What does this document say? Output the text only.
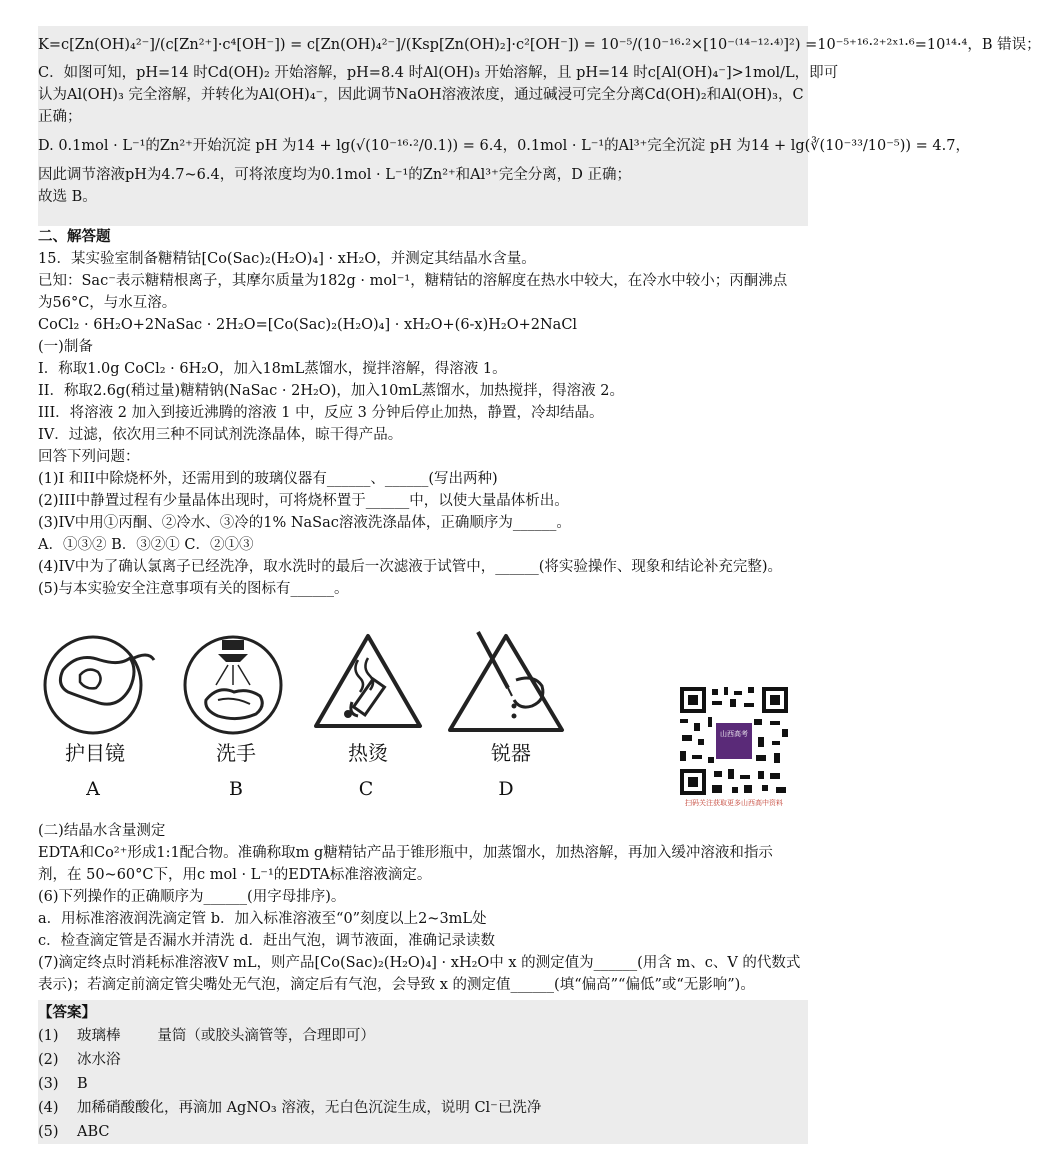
K=c[Zn(OH)₄²⁻]/(c[Zn²⁺]·c⁴[OH⁻]) = c[Zn(OH)₄²⁻]/(Ksp[Zn(OH)₂]·c²[OH⁻]) = 10⁻⁵/(10⁻¹⁶·²×[10⁻⁽¹⁴⁻¹²·⁴⁾]²) =10⁻⁵⁺¹⁶·²⁺²ˣ¹·⁶=10¹⁴·⁴，B 错误；
C．如图可知，pH=14 时Cd(OH)₂ 开始溶解，pH=8.4 时Al(OH)₃ 开始溶解，且 pH=14 时c[Al(OH)₄⁻]>1mol/L，即可
认为Al(OH)₃ 完全溶解，并转化为Al(OH)₄⁻，因此调节NaOH溶液浓度，通过碱浸可完全分离Cd(OH)₂和Al(OH)₃，C
正确；
D. 0.1mol · L⁻¹的Zn²⁺开始沉淀 pH 为14 + lg(√(10⁻¹⁶·²/0.1)) = 6.4，0.1mol · L⁻¹的Al³⁺完全沉淀 pH 为14 + lg(∛(10⁻³³/10⁻⁵)) = 4.7，
因此调节溶液pH为4.7~6.4，可将浓度均为0.1mol · L⁻¹的Zn²⁺和Al³⁺完全分离，D 正确；
故选 B。
二、解答题
15．某实验室制备糖精钴[Co(Sac)₂(H₂O)₄] · xH₂O，并测定其结晶水含量。
已知：Sac⁻表示糖精根离子，其摩尔质量为182g · mol⁻¹，糖精钴的溶解度在热水中较大，在冷水中较小；丙酮沸点
为56°C，与水互溶。
CoCl₂ · 6H₂O+2NaSac · 2H₂O=[Co(Sac)₂(H₂O)₄] · xH₂O+(6-x)H₂O+2NaCl
(一)制备
I．称取1.0g CoCl₂ · 6H₂O，加入18mL蒸馏水，搅拌溶解，得溶液 1。
II．称取2.6g(稍过量)糖精钠(NaSac · 2H₂O)，加入10mL蒸馏水，加热搅拌，得溶液 2。
III．将溶液 2 加入到接近沸腾的溶液 1 中，反应 3 分钟后停止加热，静置，冷却结晶。
IV．过滤，依次用三种不同试剂洗涤晶体，晾干得产品。
回答下列问题：
(1)I 和II中除烧杯外，还需用到的玻璃仪器有______、______(写出两种)
(2)III中静置过程有少量晶体出现时，可将烧杯置于______中，以使大量晶体析出。
(3)IV中用①丙酮、②冷水、③冷的1% NaSac溶液洗涤晶体，正确顺序为______。
A．①③② B．③②① C．②①③
(4)IV中为了确认氯离子已经洗净，取水洗时的最后一次滤液于试管中，______(将实验操作、现象和结论补充完整)。
(5)与本实验安全注意事项有关的图标有______。
护目镜	洗手	热烫	锐器
A	B	C	D
山西高考
扫码关注获取更多山西高中资料
(二)结晶水含量测定
EDTA和Co²⁺形成1:1配合物。准确称取m g糖精钴产品于锥形瓶中，加蒸馏水，加热溶解，再加入缓冲溶液和指示
剂，在 50~60°C下，用c mol · L⁻¹的EDTA标准溶液滴定。
(6)下列操作的正确顺序为______(用字母排序)。
a．用标准溶液润洗滴定管 b．加入标准溶液至“0”刻度以上2~3mL处
c．检查滴定管是否漏水并清洗 d．赶出气泡，调节液面，准确记录读数
(7)滴定终点时消耗标准溶液V mL，则产品[Co(Sac)₂(H₂O)₄] · xH₂O中 x 的测定值为______(用含 m、c、V 的代数式
表示)；若滴定前滴定管尖嘴处无气泡，滴定后有气泡，会导致 x 的测定值______(填“偏高”“偏低”或“无影响”)。
【答案】
(1)    玻璃棒        量筒（或胶头滴管等，合理即可）
(2)    冰水浴
(3)    B
(4)    加稀硝酸酸化，再滴加 AgNO₃ 溶液，无白色沉淀生成，说明 Cl⁻已洗净
(5)    ABC
